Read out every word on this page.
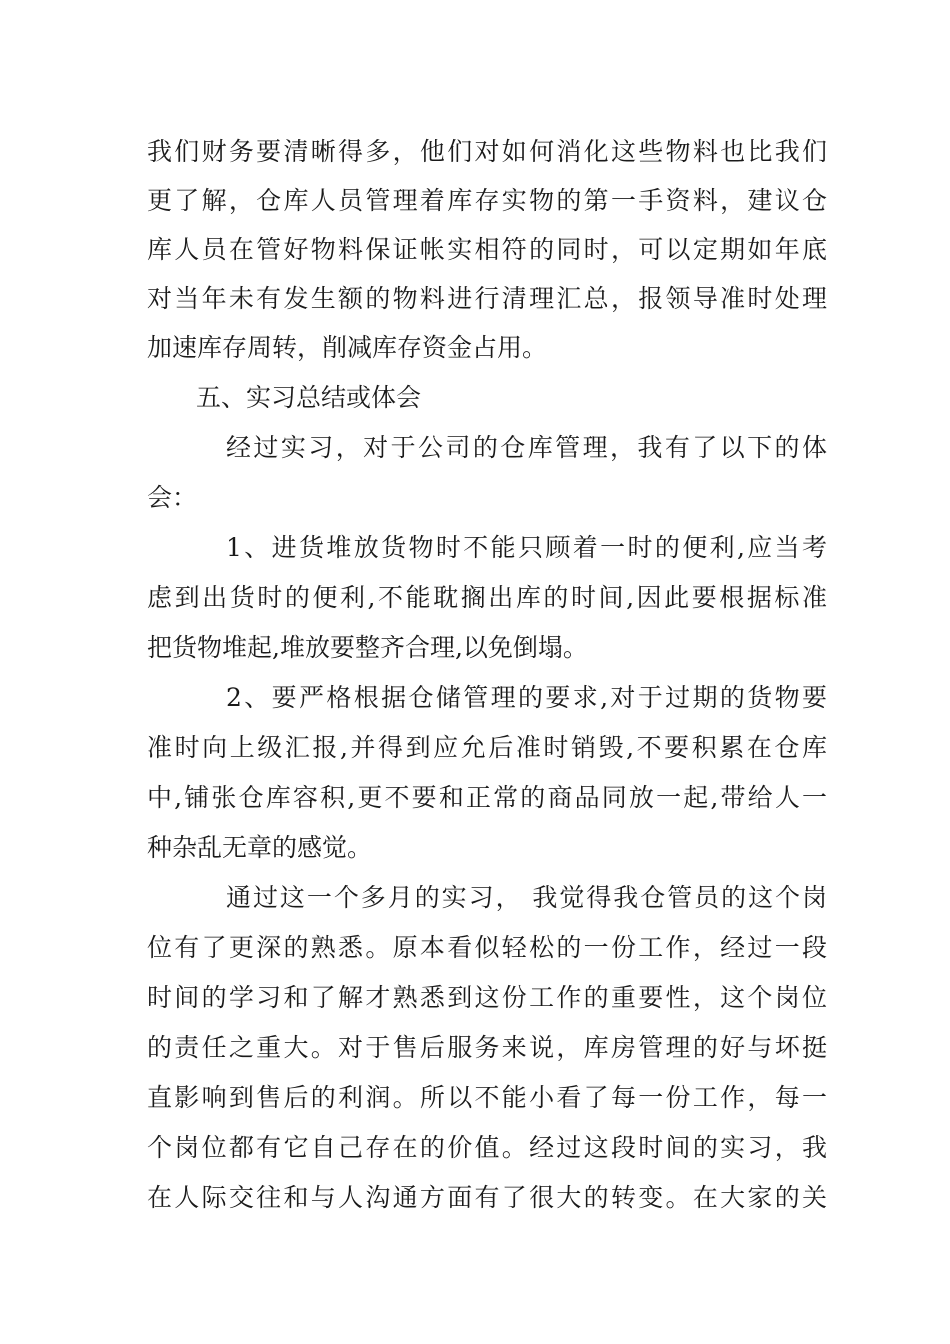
我们财务要清晰得多，他们对如何消化这些物料也比我们
更了解，仓库人员管理着库存实物的第一手资料，建议仓
库人员在管好物料保证帐实相符的同时，可以定期如年底
对当年未有发生额的物料进行清理汇总，报领导准时处理
加速库存周转，削减库存资金占用。
五、实习总结或体会
经过实习，对于公司的仓库管理，我有了以下的体
会：
1、进货堆放货物时不能只顾着一时的便利,应当考
虑到出货时的便利,不能耽搁出库的时间,因此要根据标准
把货物堆起,堆放要整齐合理,以免倒塌。
2、要严格根据仓储管理的要求,对于过期的货物要
准时向上级汇报,并得到应允后准时销毁,不要积累在仓库
中,铺张仓库容积,更不要和正常的商品同放一起,带给人一
种杂乱无章的感觉。
通过这一个多月的实习， 我觉得我仓管员的这个岗
位有了更深的熟悉。原本看似轻松的一份工作，经过一段
时间的学习和了解才熟悉到这份工作的重要性，这个岗位
的责任之重大。对于售后服务来说，库房管理的好与坏挺
直影响到售后的利润。所以不能小看了每一份工作，每一
个岗位都有它自己存在的价值。经过这段时间的实习，我
在人际交往和与人沟通方面有了很大的转变。在大家的关
